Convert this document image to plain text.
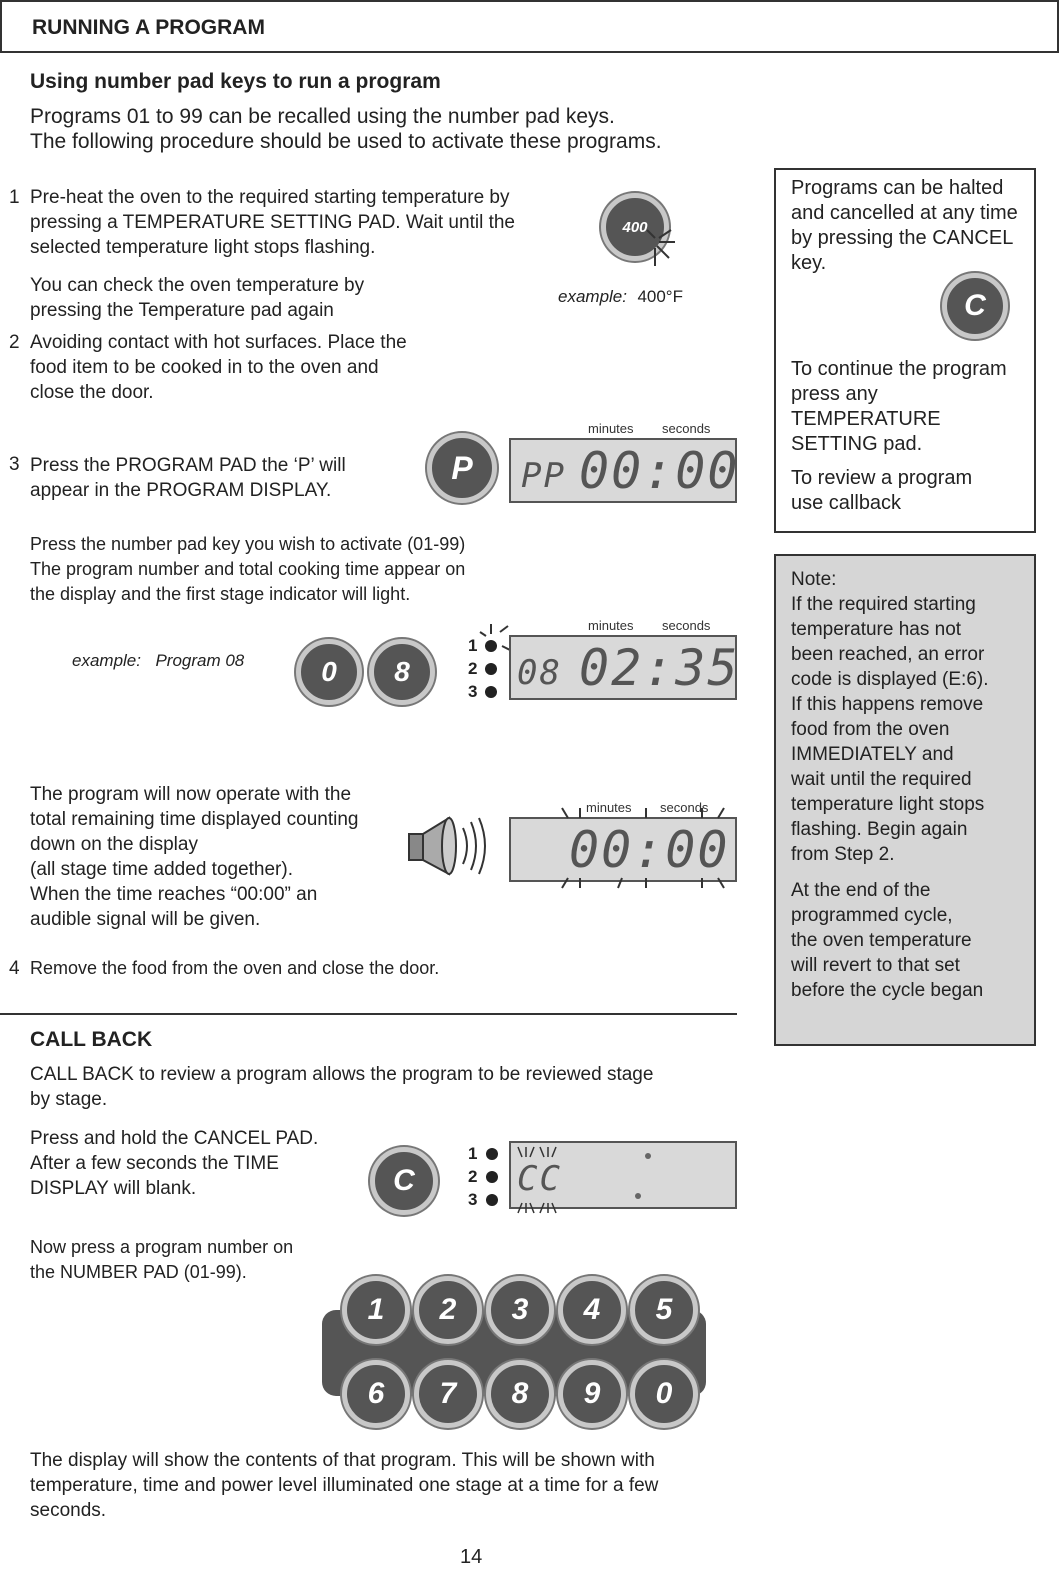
RUNNING A PROGRAM
Using number pad keys to run a program
Programs 01 to 99 can be recalled using the number pad keys.
The following procedure should be used to activate these programs.
1 Pre-heat the oven to the required starting temperature by
pressing a TEMPERATURE SETTING PAD. Wait until the
selected temperature light stops flashing.
You can check the oven temperature by
pressing the Temperature pad again
400
example: 400°F
2 Avoiding contact with hot surfaces. Place the
food item to be cooked in to the oven and
close the door.
3 Press the PROGRAM PAD the ‘P’ will
appear in the PROGRAM DISPLAY.
P PP 00:00
minutes seconds
Press the number pad key you wish to activate (01-99)
The program number and total cooking time appear on
the display and the first stage indicator will light.
example: Program 08	0 8
1
2
3 08 02:35
minutes seconds
The program will now operate with the
total remaining time displayed counting
down on the display
(all stage time added together).
When the time reaches “00:00” an
audible signal will be given.
00:00
minutes seconds
4 Remove the food from the oven and close the door.
Programs can be halted
and cancelled at any time
by pressing the CANCEL
key.
C
To continue the program
press any
TEMPERATURE
SETTING pad.
To review a program
use callback
Note:
If the required starting
temperature has not
been reached, an error
code is displayed (E:6).
If this happens remove
food from the oven
IMMEDIATELY and
wait until the required
temperature light stops
flashing. Begin again
from Step 2.
At the end of the
programmed cycle,
the oven temperature
will revert to that set
before the cycle began
CALL BACK
CALL BACK to review a program allows the program to be reviewed stage
by stage.
Press and hold the CANCEL PAD.
After a few seconds the TIME
DISPLAY will blank.	C
1
2
3
CC
Now press a program number on
the NUMBER PAD (01-99).
1 2 3 4 5
6 7 8 9 0
The display will show the contents of that program. This will be shown with
temperature, time and power level illuminated one stage at a time for a few
seconds.
14
